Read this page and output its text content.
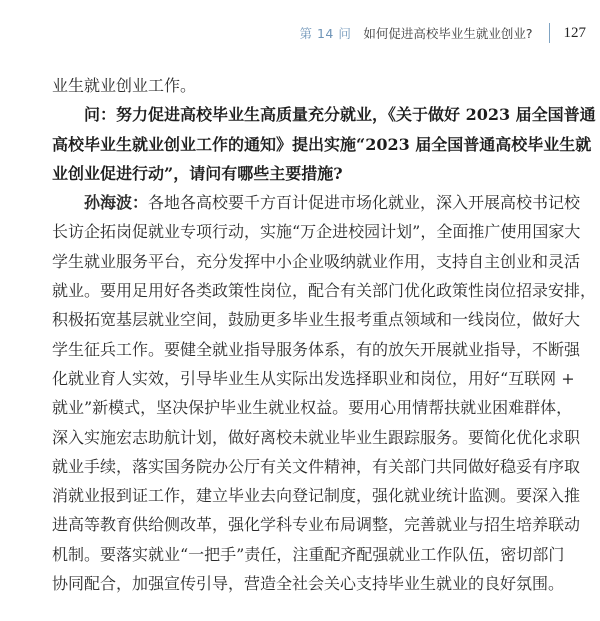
第 14 问 如何促进高校毕业生就业创业? 127
业生就业创业工作。
问：努力促进高校毕业生高质量充分就业，《关于做好 2023 届全国普通
高校毕业生就业创业工作的通知》提出实施“2023 届全国普通高校毕业生就
业创业促进行动”，请问有哪些主要措施?
孙海波：各地各高校要千方百计促进市场化就业，深入开展高校书记校
长访企拓岗促就业专项行动，实施“万企进校园计划”，全面推广使用国家大
学生就业服务平台，充分发挥中小企业吸纳就业作用，支持自主创业和灵活
就业。要用足用好各类政策性岗位，配合有关部门优化政策性岗位招录安排，
积极拓宽基层就业空间，鼓励更多毕业生报考重点领域和一线岗位，做好大
学生征兵工作。要健全就业指导服务体系，有的放矢开展就业指导，不断强
化就业育人实效，引导毕业生从实际出发选择职业和岗位，用好“互联网 +
就业”新模式，坚决保护毕业生就业权益。要用心用情帮扶就业困难群体，
深入实施宏志助航计划，做好离校未就业毕业生跟踪服务。要简化优化求职
就业手续，落实国务院办公厅有关文件精神，有关部门共同做好稳妥有序取
消就业报到证工作，建立毕业去向登记制度，强化就业统计监测。要深入推
进高等教育供给侧改革，强化学科专业布局调整，完善就业与招生培养联动
机制。要落实就业“一把手”责任，注重配齐配强就业工作队伍，密切部门
协同配合，加强宣传引导，营造全社会关心支持毕业生就业的良好氛围。
